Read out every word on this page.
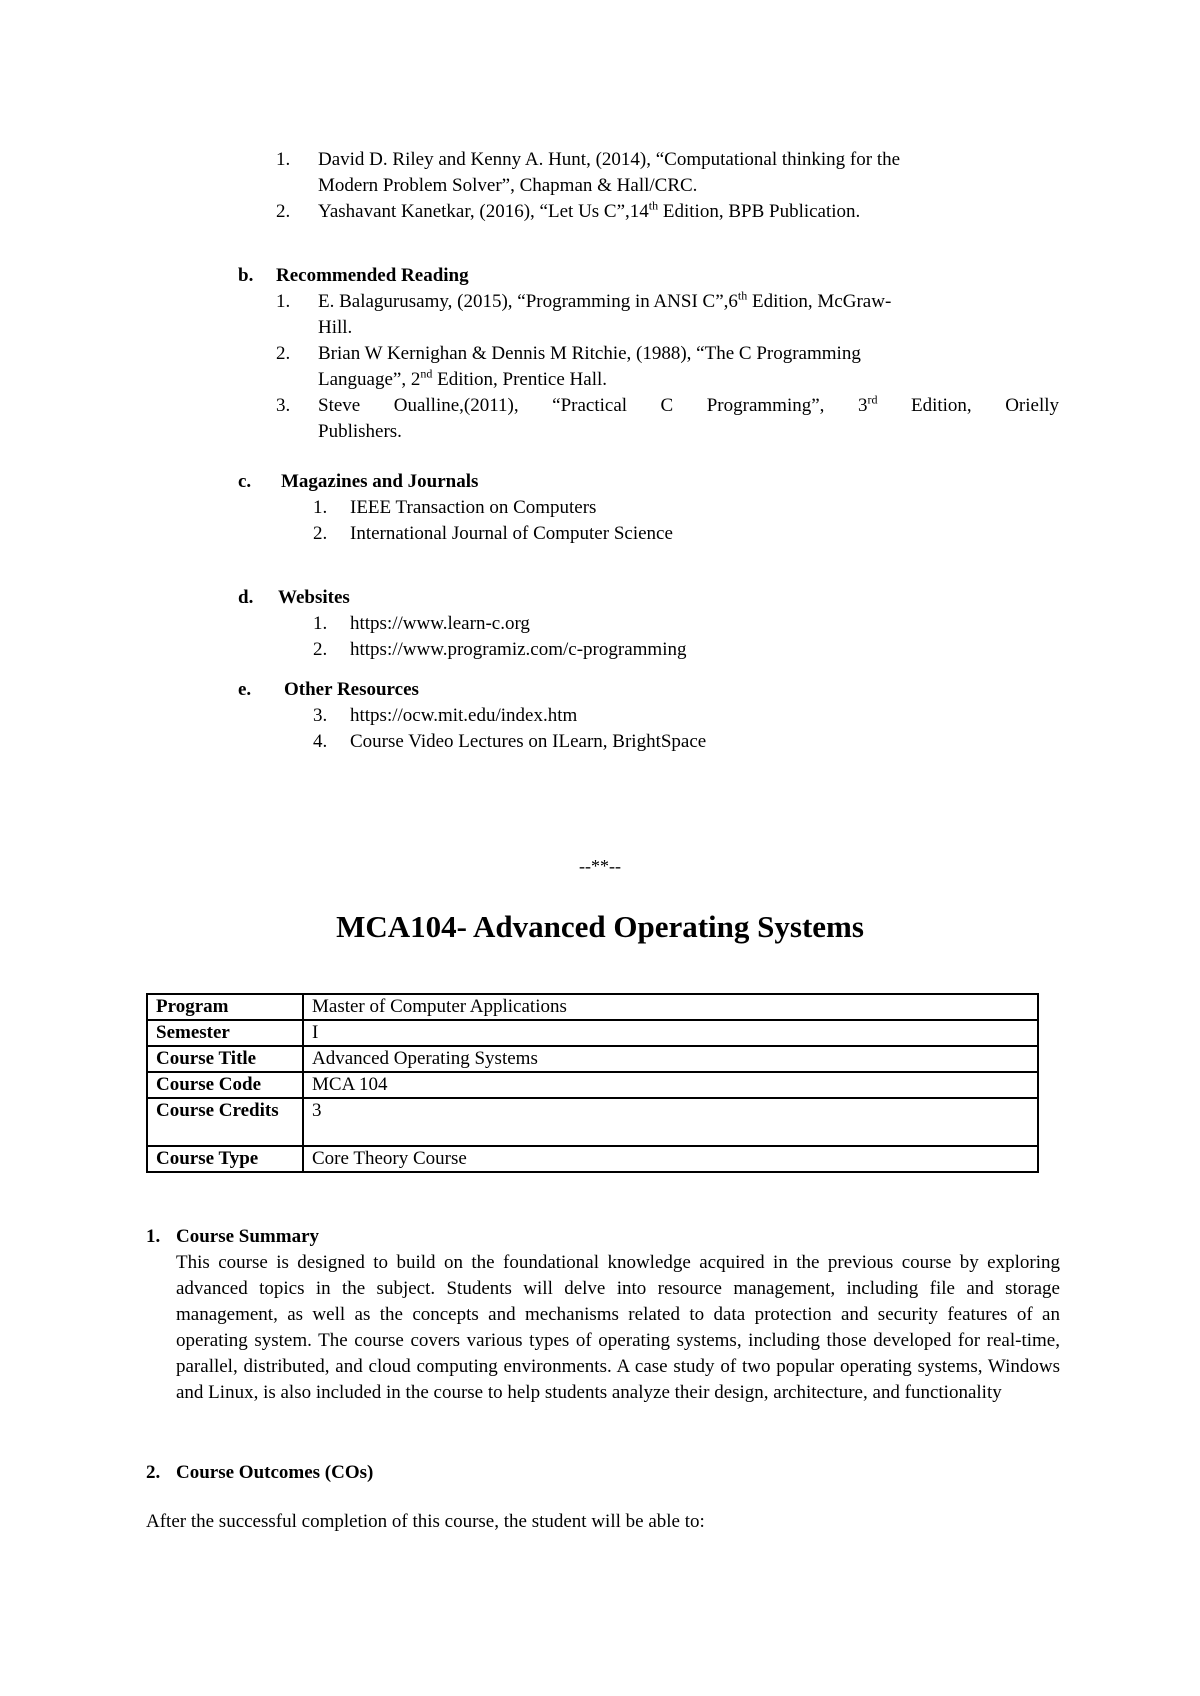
1. David D. Riley and Kenny A. Hunt, (2014), “Computational thinking for the
Modern Problem Solver”, Chapman & Hall/CRC.
2. Yashavant Kanetkar, (2016), “Let Us C”,14th Edition, BPB Publication.
b. Recommended Reading
1. E. Balagurusamy, (2015), “Programming in ANSI C”,6th Edition, McGraw-
Hill.
2. Brian W Kernighan & Dennis M Ritchie, (1988), “The C Programming
Language”, 2nd Edition, Prentice Hall.
3. Steve Oualline,(2011), “Practical C Programming”, 3rd Edition, Orielly
Publishers.
c. Magazines and Journals
1. IEEE Transaction on Computers
2. International Journal of Computer Science
d. Websites
1. https://www.learn-c.org
2. https://www.programiz.com/c-programming
e. Other Resources
3. https://ocw.mit.edu/index.htm
4. Course Video Lectures on ILearn, BrightSpace
--**--
MCA104- Advanced Operating Systems
Program	Master of Computer Applications
Semester	I
Course Title	Advanced Operating Systems
Course Code	MCA 104
Course Credits	3
Course Type	Core Theory Course
1. Course Summary
This course is designed to build on the foundational knowledge acquired in the previous course by exploring advanced topics in the subject. Students will delve into resource management, including file and storage management, as well as the concepts and mechanisms related to data protection and security features of an operating system. The course covers various types of operating systems, including those developed for real-time, parallel, distributed, and cloud computing environments. A case study of two popular operating systems, Windows and Linux, is also included in the course to help students analyze their design, architecture, and functionality
2. Course Outcomes (COs)
After the successful completion of this course, the student will be able to:
